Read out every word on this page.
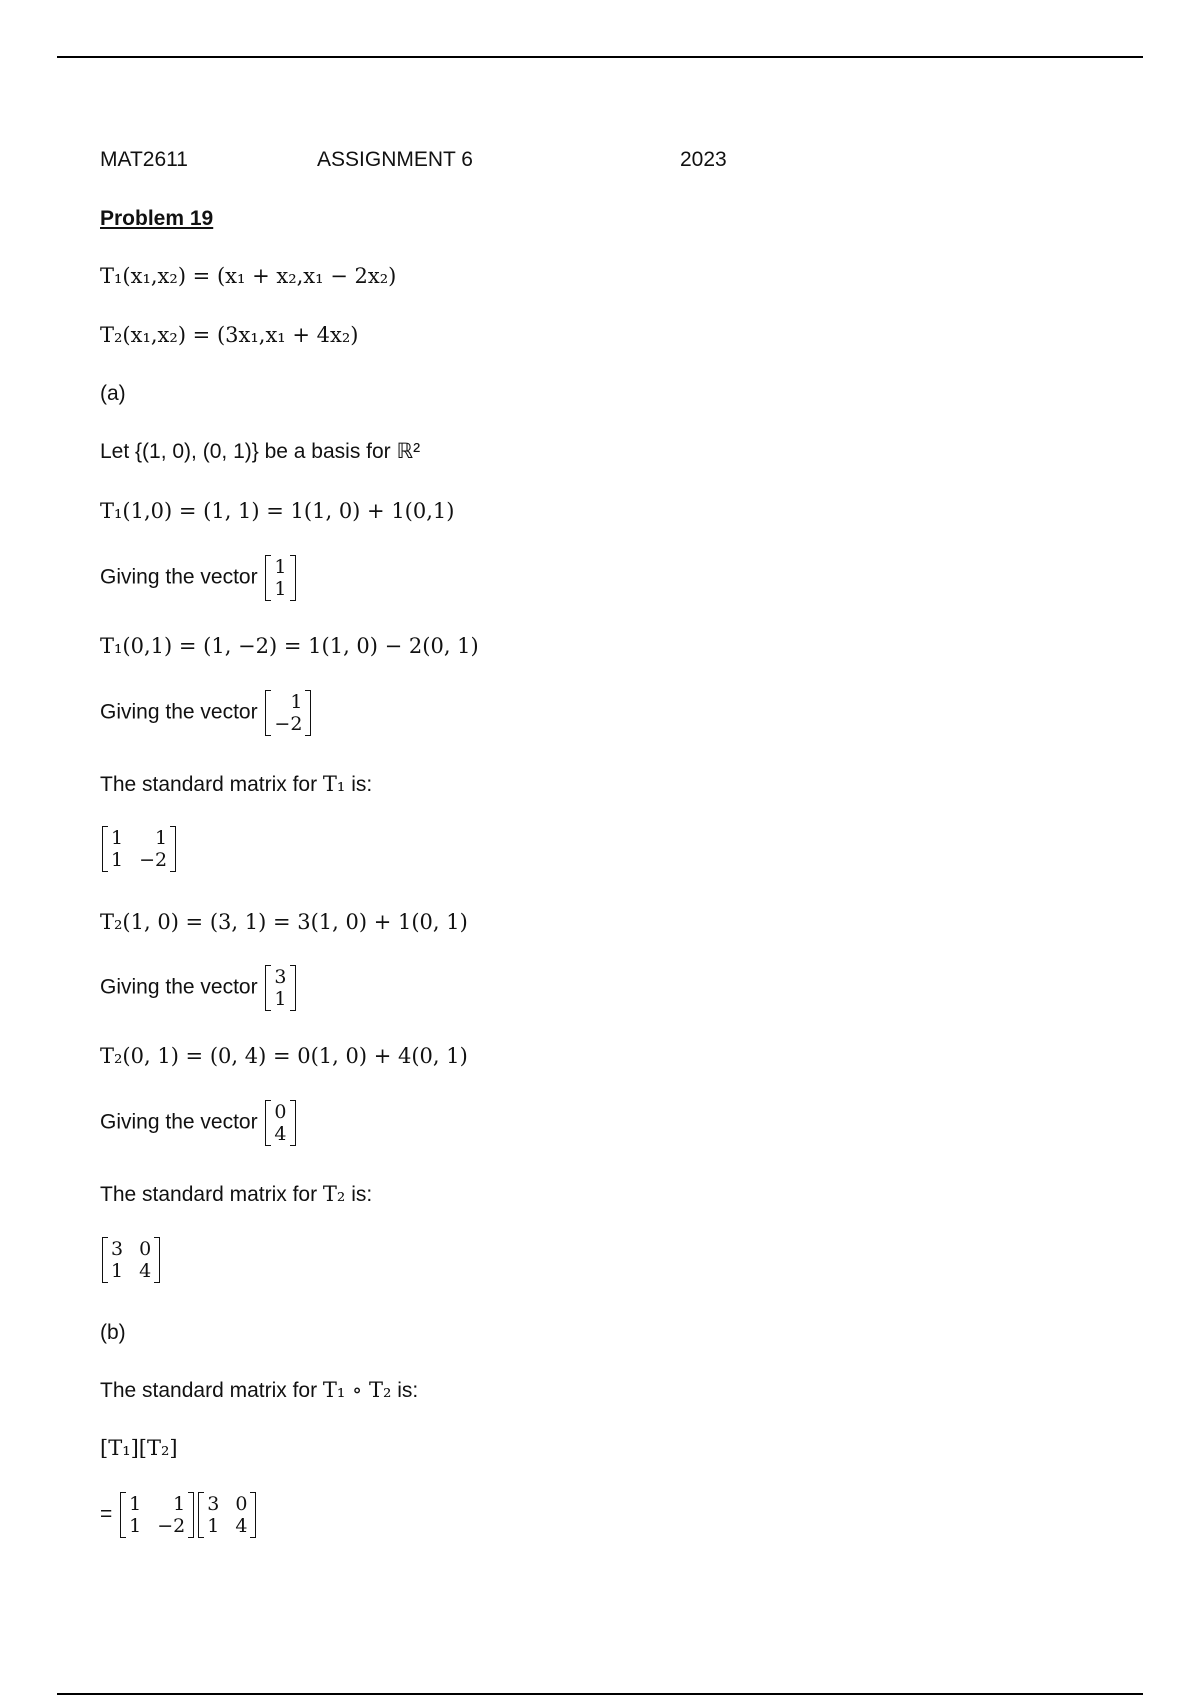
MAT2611	ASSIGNMENT 6	2023
Problem 19
T₁(x₁,x₂) = (x₁ + x₂,x₁ − 2x₂)
T₂(x₁,x₂) = (3x₁,x₁ + 4x₂)
(a)
Let {(1, 0), (0, 1)} be a basis for ℝ²
T₁(1,0) = (1, 1) = 1(1, 0) + 1(0,1)
Giving the vector 1
1
T₁(0,1) = (1, −2) = 1(1, 0) − 2(0, 1)
Giving the vector	1
−2
The standard matrix for T₁ is:
1	1
1 −2
T₂(1, 0) = (3, 1) = 3(1, 0) + 1(0, 1)
Giving the vector 3
1
T₂(0, 1) = (0, 4) = 0(1, 0) + 4(0, 1)
Giving the vector 0
4
The standard matrix for T₂ is:
3 0
1 4
(b)
The standard matrix for T₁ ∘ T₂ is:
[T₁][T₂]
= 1	1
1 −2
3 0
1 4
